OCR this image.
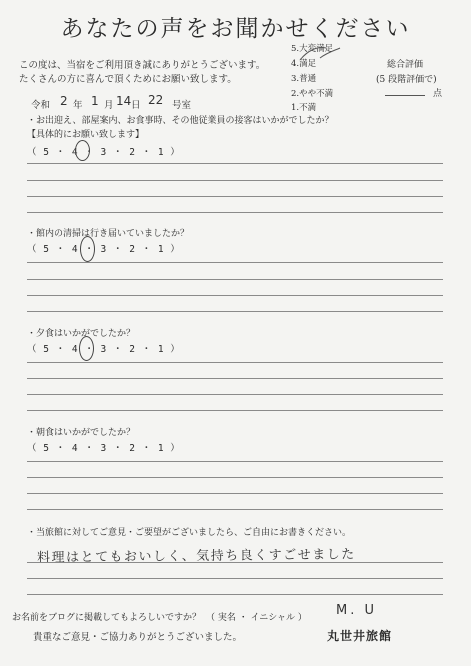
あなたの声をお聞かせください
この度は、当宿をご利用頂き誠にありがとうございます。
たくさんの方に喜んで頂くためにお願い致します。
5.大変満足
4.満足
3.普通
2.やや不満
1.不満
総合評価
(5 段階評価で)
点
令和 2 年 1 月 14 日 22 号室
・お出迎え、部屋案内、お食事時、その他従業員の接客はいかがでしたか？
【具体的にお願い致します】
（ 5 ・ 4 ・ 3 ・ 2 ・ 1 ）
・館内の清掃は行き届いていましたか？
（ 5 ・ 4 ・ 3 ・ 2 ・ 1 ）
・夕食はいかがでしたか？
（ 5 ・ 4 ・ 3 ・ 2 ・ 1 ）
・朝食はいかがでしたか？
（ 5 ・ 4 ・ 3 ・ 2 ・ 1 ）
・当旅館に対してご意見・ご要望がございましたら、ご自由にお書きください。
料理はとてもおいしく、気持ち良くすごせました
お名前をブログに掲載してもよろしいですか？ （ 実名 ・ イニシャル ） M. U
貴重なご意見・ご協力ありがとうございました。	丸世井旅館
